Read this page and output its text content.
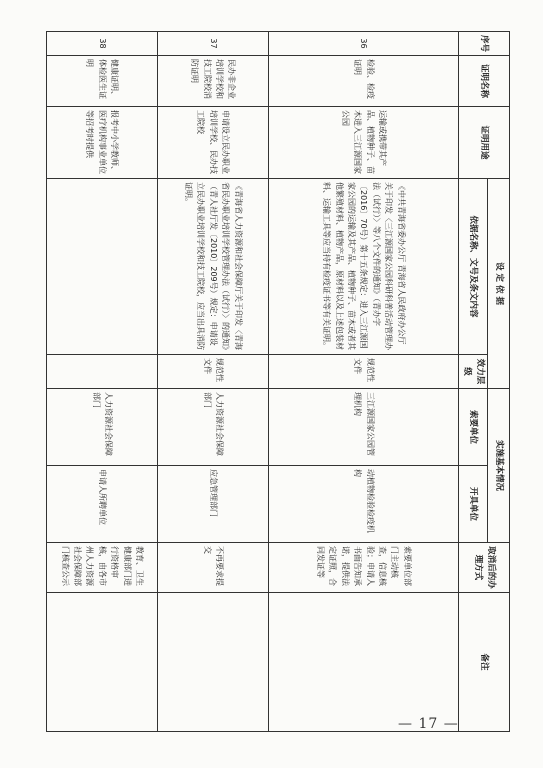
序号	证明名称	证明用途	设 定 依 据		实施基本情况		取消后的办理方式	备注
			依据名称、文号及条文内容	效力层级	索要单位	开具单位		
36	检验、检疫证明	运输或携带其产品、植物种子、苗木进入三江源国家公园	《中共青海省委办公厅 青海省人民政府办公厅关于印发〈三江源国家公园科研科普活动管理办法（试行）〉等八个文件的通知》（青办字〔2016〕70号）第十五条规定：进入三江源国家公园的运输及其产品、植物种子、苗木或者其他繁殖材料、植物产品，原材料以及上述包装材料、运输工具等应当持有检疫证书等有关证明。	规范性文件	三江源国家公园管理机构	动植物检验检疫机构	索要单位部门主动核查，信息核验；申请人书面告知承诺，提供法定证照，合同发证等	
37	民办非企业培训学校和技工院校消防证明	申请设立民办职业培训学校、民办技工院校	《青海省人力资源和社会保障厅关于印发〈青海省民办职业培训学校管理办法（试行）〉的通知》（青人社厅发〔2010〕209号）规定：申请设立民办职业培训学校和技工院校，应当出具消防证明。	规范性文件	人力资源社会保障部门	应急管理部门	不再要求提交	
38	健康证明、体检医生证明	报考中小学教师、医疗机构事业单位等招考时提供			人力资源社会保障部门	申请人所聘单位	教育、卫生健康部门进行资格审核，由各市州人力资源社会保障部门核查公示	
— 17 —
